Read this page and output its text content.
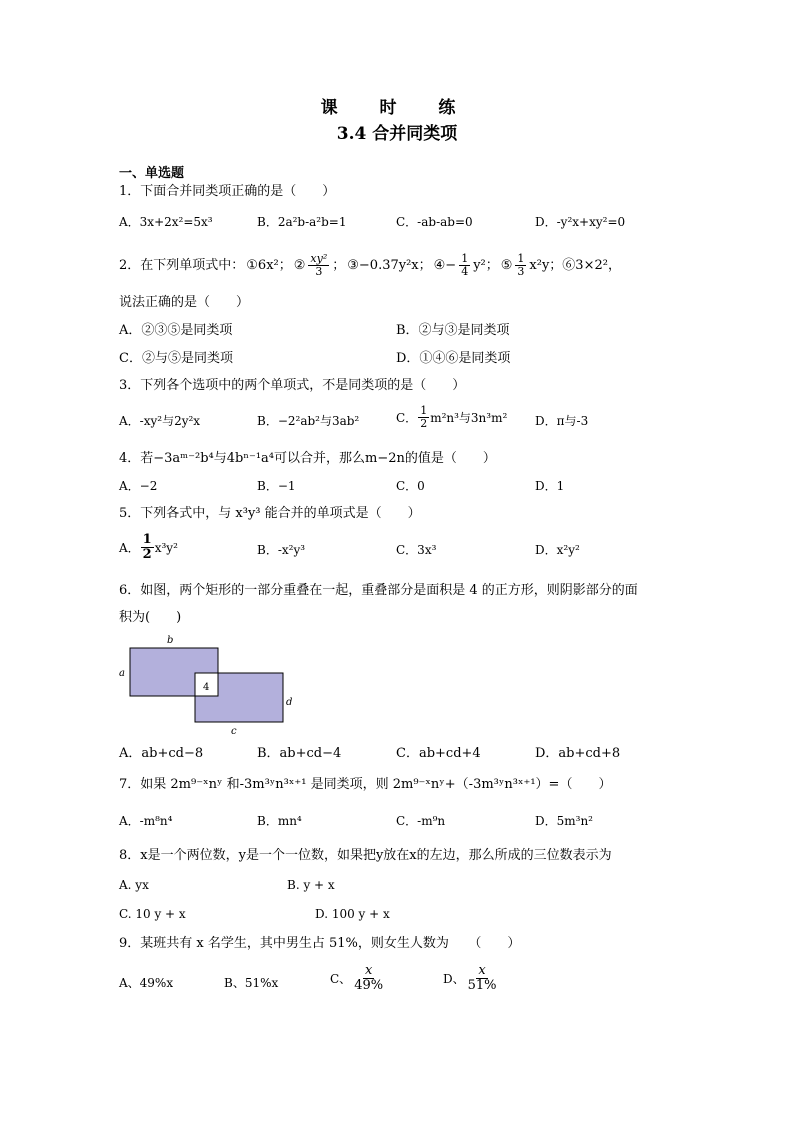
课 时 练
3.4 合并同类项
一、单选题
1．下面合并同类项正确的是（　　）
A．3x+2x²=5x³	B．2a²b-a²b=1	C．-ab-ab=0	D．-y²x+xy²=0
2．在下列单项式中： ①6x²； ② $\frac{\text{xy²}}{3}$ ； ③−0.37y²x； ④− $\frac{1}{4} y^2$； ⑤ $\frac{1}{3} x^2y$；⑥3×2²，
说法正确的是（　　）
A．②③⑤是同类项	B．②与③是同类项
C．②与⑤是同类项	D．①④⑥是同类项
3．下列各个选项中的两个单项式，不是同类项的是（　　）
A．-xy²与2y²x	B．−2²ab²与3ab²	C． $\frac{1}{2} m^2n^3$与3n³m² D．π与-3
4．若−3aᵐ⁻²b⁴与4bⁿ⁻¹a⁴可以合并，那么m−2n的值是（　　）
A．−2	B．−1	C．0	D．1
5．下列各式中，与 x³y³ 能合并的单项式是（　　）
A． $\frac{1}{2} x^3y^2$	B．-x²y³	C．3x³	D．x²y²
6．如图，两个矩形的一部分重叠在一起，重叠部分是面积是 4 的正方形，则阴影部分的面
积为(　　)
b
a
4
d
c
A．ab+cd−8	B．ab+cd−4	C．ab+cd+4	D．ab+cd+8
7．如果 2m⁹⁻ˣnʸ 和-3m³ʸn³ˣ⁺¹ 是同类项，则 2m⁹⁻ˣnʸ+（-3m³ʸn³ˣ⁺¹）=（　　）
A．-m⁸n⁴	B．mn⁴	C．-m⁹n	D．5m³n²
8．x是一个两位数，y是一个一位数，如果把y放在x的左边，那么所成的三位数表示为
A. yx	B. y + x
C. 10 y + x	D. 100 y + x
9．某班共有 x 名学生，其中男生占 51%，则女生人数为　　（　　）
A、49%x	B、51%x	C、 $\frac{x}{49\%}$	D、 $\frac{x}{51\%}$
